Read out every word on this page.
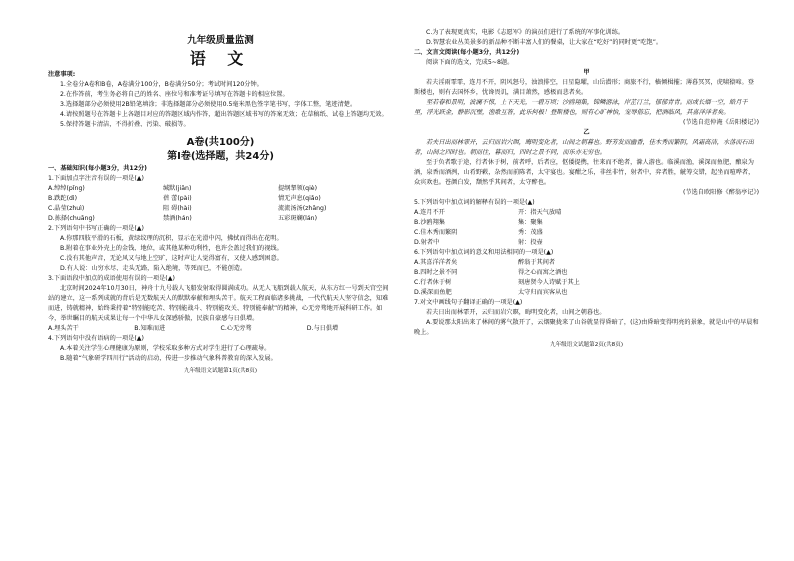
九年级质量监测
语 文
注意事项:

1.全卷分A卷和B卷，A卷满分100分，B卷满分50分；考试时间120分钟。

2.在作答前，考生务必将自己的姓名、座位号和准考证号填写在答题卡的相应位置。

3.选择题部分必须使用2B铅笔填涂；非选择题部分必须使用0.5毫米黑色签字笔书写，字体工整，笔迹清楚。

4.请按照题号在答题卡上各题目对应的答题区域内作答，超出答题区域书写的答案无效；在草稿纸、试卷上答题均无效。

5.保持答题卡清洁，不得折叠、污染、破损等。

A卷(共100分)
第Ⅰ卷(选择题，共24分)
一、基础知识(每小题3分，共12分)

1.下面加点字注音有误的一项是(▲)

A.绰绰(pǐng)	缄默(jiān)	提纲挈领(qiè)
B.跌跎(dì)	蓓 蕾(pài)	情无声息(qiǎo)
C.晶莹(zhuì)	阻 碍(hài)	流流汤汤(zhāng)
D.拣择(chuāng)	禁酒(hán)	五彩斑斓(lán)

2.下列语句中书写正确的一项是(▲)

A.你那四肢平滑的石板，黄绿纹理的沉积，显示在光滑中闪，拂拭而得出在花明。

B.附着在事业外壳上的金钱、地位，或其他某种功利性，也许会盖过我们的视线。

C.没有其他声音，无论风又与地上空旷，这时声让人觉得富有，又使人感到困意。

D.有人说：山穷水尽、走头无路，陷入绝境，等死而已，不能创造。

3.下面语段中加点的成语使用有误的一项是(▲)

北京时间2024年10月30日，神舟十九号载人飞船发射取得圆满成功。从无人飞船到载人航天，从东方红一号到天宫空间站的建立，这一系列成就的背后是无数航天人的默默奉献和埋头苦干。航天工程面临诸多挑战，一代代航天人坚守信念，知难而进，铸就精神，始终秉持着“特别能吃苦、特别能战斗、特别能攻关、特别能奉献”的精神，心无旁骛地开展科研工作。如今，举世瞩目的航天成果让每一个中华儿女深感骄傲，民族自豪感与日俱增。

A.埋头苦干	B.知难而进	C.心无旁骛	D.与日俱增

4.下列语句中没有语病的一项是(▲)

A.本着关注学生心理健康为原则，学校采取多种方式对学生进行了心理疏导。

B.随着“气象研学四川行”活动的启动，传进一步推动气象科普教育的深入发展。

九年级语文试题第1页(共8页)

C.为了表现更真实，电影《志愿军》的演员们进行了系统的军事化训练。

D.智慧农业丛美景多的新品种不断丰富人们的餐桌，让大家在“吃好”的同时更“吃饱”。

二、文言文阅读(每小题3分，共12分)

阅读下面的选文，完成5~8题。

甲

若夫淫雨霏霏，连月不开，阴风怒号，浊浪排空，日星隐曜，山岳潜形；商旅不行，樯倾楫摧；薄暮冥冥，虎啸猿啼。登斯楼也，则有去国怀乡，忧谗畏讥，满目萧然，感极而悲者矣。

至若春和景明，波澜不惊，上下天光，一碧万顷；沙鸥翔集，锦鳞游泳，岸芷汀兰，郁郁青青。而或长烟一空，皓月千里，浮光跃金，静影沉璧，渔歌互答，此乐何极！登斯楼也，则有心旷神怡，宠辱偕忘，把酒临风，其喜洋洋者矣。

(节选自范仲淹《岳阳楼记》)
乙

若夫日出而林霏开，云归而岩穴暝，晦明变化者，山间之朝暮也。野芳发而幽香，佳木秀而繁阴，风霜高洁，水落而石出者，山间之四时也。朝而往，暮而归，四时之景不同，而乐亦无穷也。

至于负者歌于途，行者休于树，前者呼，后者应，伛偻提携，往来而不绝者，滁人游也。临溪而渔，溪深而鱼肥，酿泉为酒，泉香而酒洌，山肴野蔌，杂然而前陈者，太守宴也。宴酣之乐，非丝非竹，射者中，弈者胜，觥筹交错，起坐而喧哗者，众宾欢也。苍颜白发，颓然乎其间者，太守醉也。

(节选自欧阳修《醉翁亭记》)

5.下列语句中加点词的解释有误的一项是(▲)

A.连月不开	开：指天气放晴
B.沙鸥翔集	集：聚集
C.佳木秀而繁阴	秀：茂盛
D.射者中	射：投壶

6.下列语句中加点词的意义和用法相同的一项是(▲)

A.其喜洋洋者矣	醉翁于其间者
B.四时之景不同	得之心而寓之酒也
C.行者休于树	刻唐贤今人诗赋于其上
D.溪深而鱼肥	太守归而宾客从也

7.对文中画线句子翻译正确的一项是(▲)

若夫日出而林霏开，云归而岩穴暝，晦明变化者，山间之朝暮也。

A.要说那太阳出来了林间的雾气散开了，云烟聚拢来了山谷就显得昏暗了，(这)由昏暗变得明亮的景象，就是山中的早晨和晚上。

九年级语文试题第2页(共8页)
